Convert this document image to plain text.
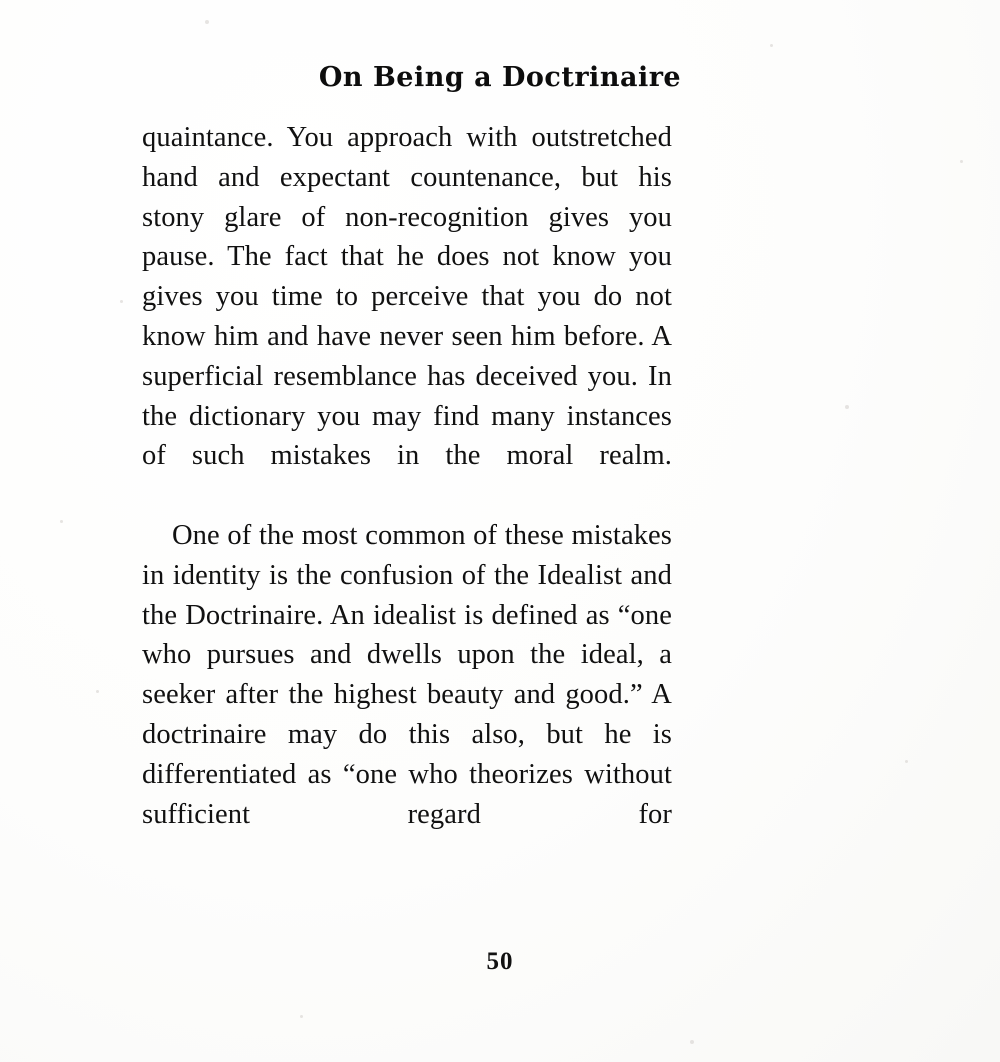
On Being a Doctrinaire

quaintance. You approach with outstretched hand and expectant countenance, but his stony glare of non-recognition gives you pause. The fact that he does not know you gives you time to perceive that you do not know him and have never seen him before. A superficial resemblance has deceived you. In the dictionary you may find many instances of such mistakes in the moral realm.

One of the most common of these mistakes in identity is the confusion of the Idealist and the Doctrinaire. An idealist is defined as “one who pursues and dwells upon the ideal, a seeker after the highest beauty and good.” A doctrinaire may do this also, but he is differentiated as “one who theorizes without sufficient regard for

50
